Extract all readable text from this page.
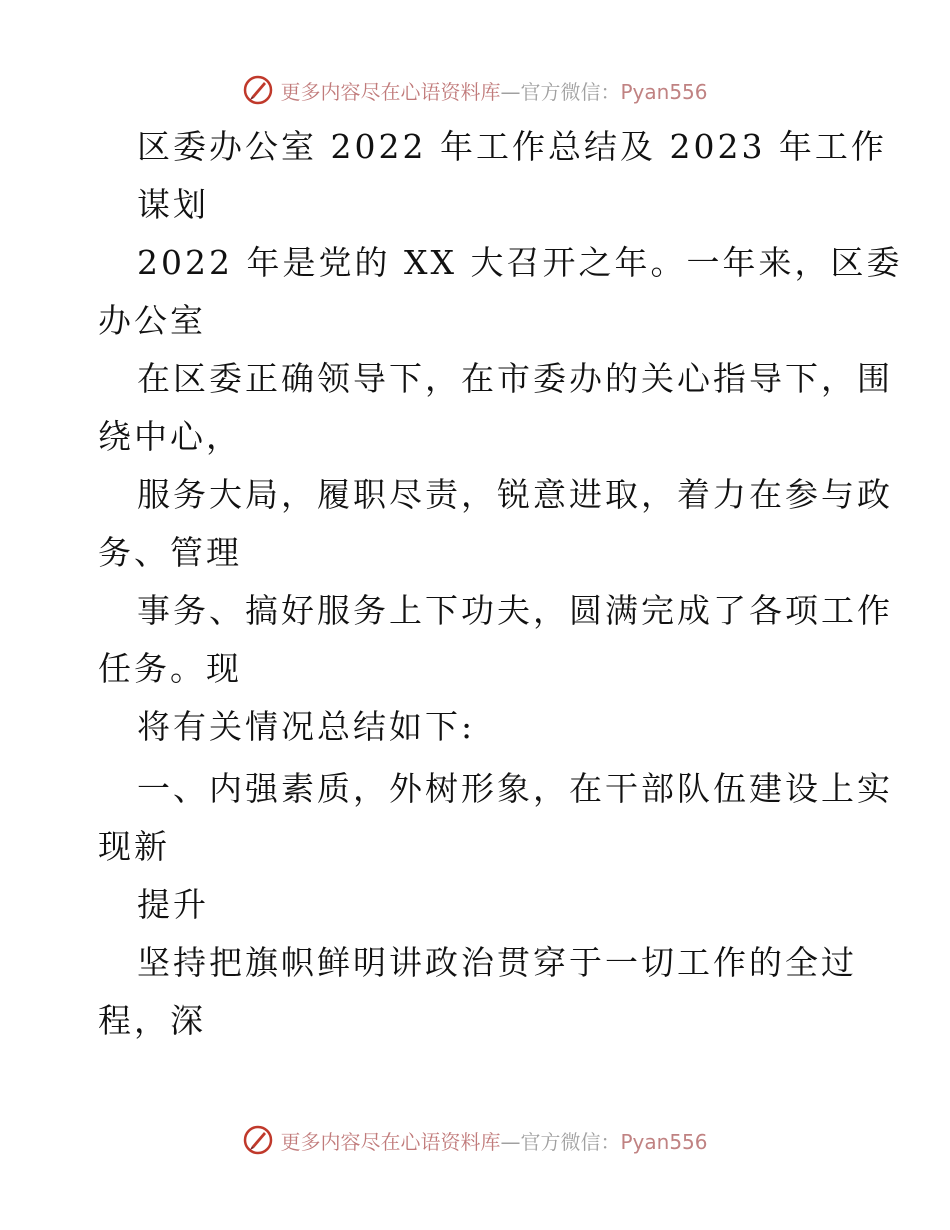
更多内容尽在心语资料库—官方微信：Pyan556
区委办公室 2022 年工作总结及 2023 年工作
谋划
2022 年是党的 XX 大召开之年。一年来，区委
办公室
在区委正确领导下，在市委办的关心指导下，围
绕中心，
服务大局，履职尽责，锐意进取，着力在参与政
务、管理
事务、搞好服务上下功夫，圆满完成了各项工作
任务。现
将有关情况总结如下:
一、内强素质，外树形象，在干部队伍建设上实
现新
提升
坚持把旗帜鲜明讲政治贯穿于一切工作的全过
程，深
更多内容尽在心语资料库—官方微信：Pyan556
